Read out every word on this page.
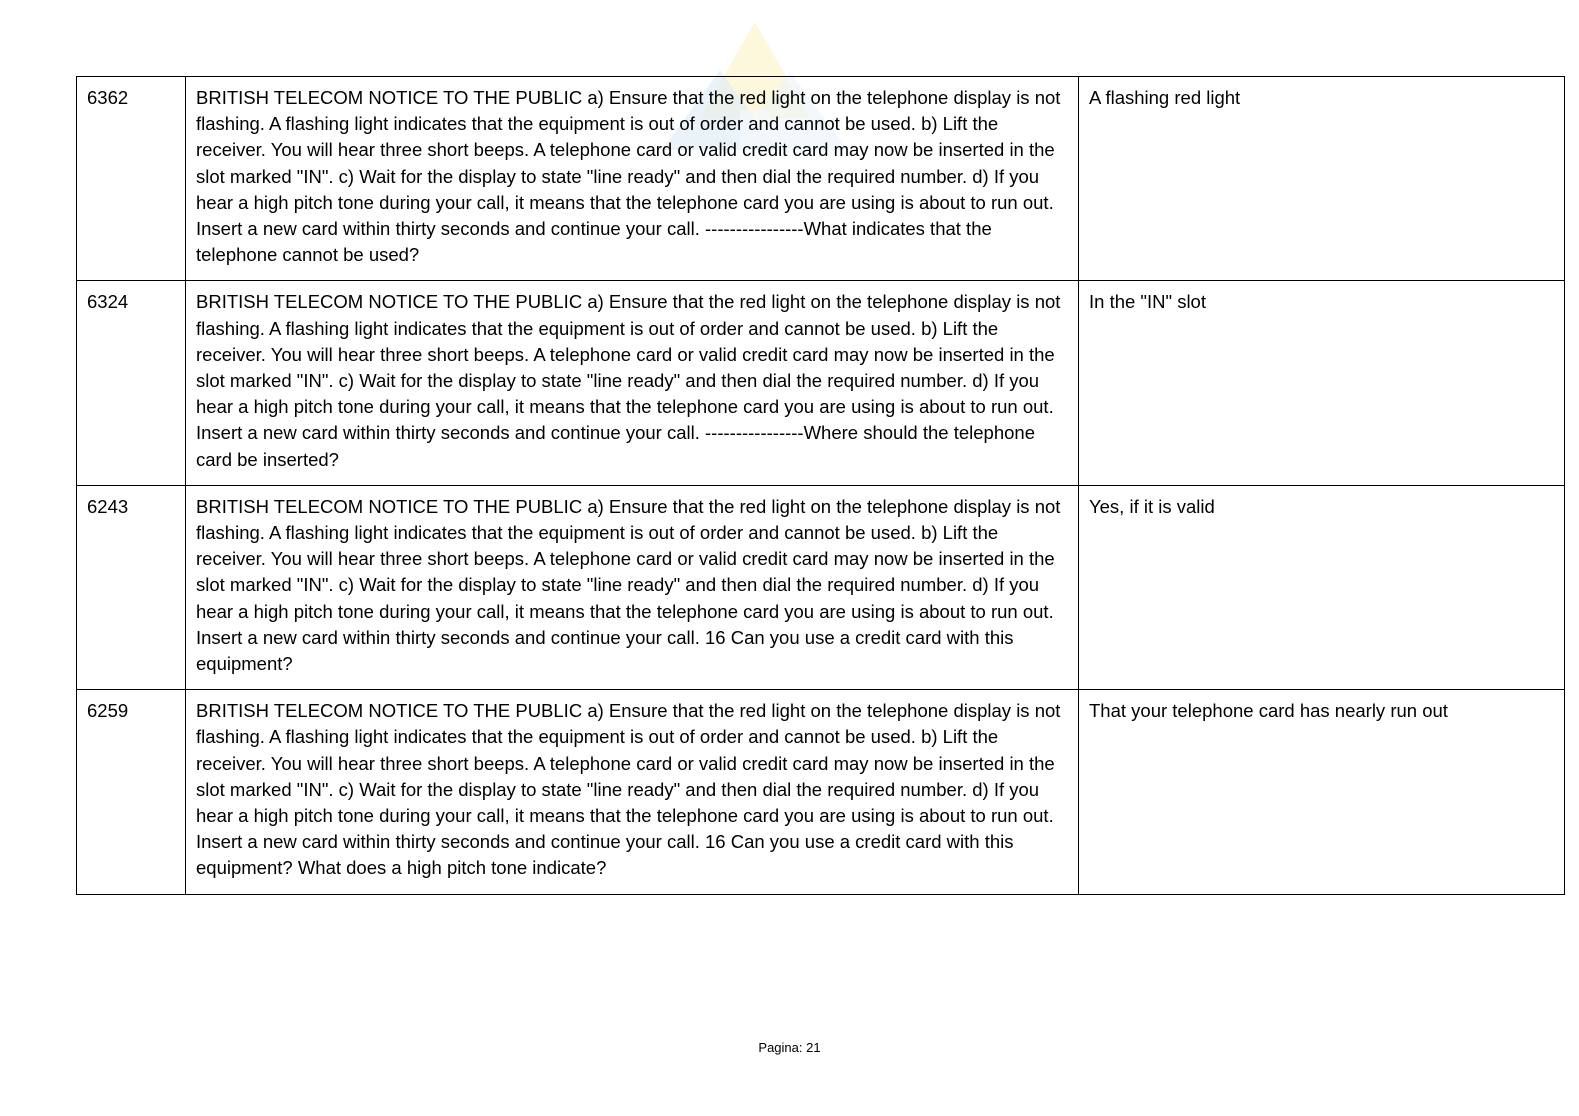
6362	BRITISH TELECOM NOTICE TO THE PUBLIC a) Ensure that the red light on the telephone display is not flashing. A flashing light indicates that the equipment is out of order and cannot be used. b) Lift the receiver. You will hear three short beeps. A telephone card or valid credit card may now be inserted in the slot marked "IN". c) Wait for the display to state "line ready" and then dial the required number. d) If you hear a high pitch tone during your call, it means that the telephone card you are using is about to run out. Insert a new card within thirty seconds and continue your call. ----------------What indicates that the telephone cannot be used?	A flashing red light
6324	BRITISH TELECOM NOTICE TO THE PUBLIC a) Ensure that the red light on the telephone display is not flashing. A flashing light indicates that the equipment is out of order and cannot be used. b) Lift the receiver. You will hear three short beeps. A telephone card or valid credit card may now be inserted in the slot marked "IN". c) Wait for the display to state "line ready" and then dial the required number. d) If you hear a high pitch tone during your call, it means that the telephone card you are using is about to run out. Insert a new card within thirty seconds and continue your call. ----------------Where should the telephone card be inserted?	In the "IN" slot
6243	BRITISH TELECOM NOTICE TO THE PUBLIC a) Ensure that the red light on the telephone display is not flashing. A flashing light indicates that the equipment is out of order and cannot be used. b) Lift the receiver. You will hear three short beeps. A telephone card or valid credit card may now be inserted in the slot marked "IN". c) Wait for the display to state "line ready" and then dial the required number. d) If you hear a high pitch tone during your call, it means that the telephone card you are using is about to run out. Insert a new card within thirty seconds and continue your call. 16 Can you use a credit card with this equipment?	Yes, if it is valid
6259	BRITISH TELECOM NOTICE TO THE PUBLIC a) Ensure that the red light on the telephone display is not flashing. A flashing light indicates that the equipment is out of order and cannot be used. b) Lift the receiver. You will hear three short beeps. A telephone card or valid credit card may now be inserted in the slot marked "IN". c) Wait for the display to state "line ready" and then dial the required number. d) If you hear a high pitch tone during your call, it means that the telephone card you are using is about to run out. Insert a new card within thirty seconds and continue your call. 16 Can you use a credit card with this equipment? What does a high pitch tone indicate?	That your telephone card has nearly run out
Pagina: 21
